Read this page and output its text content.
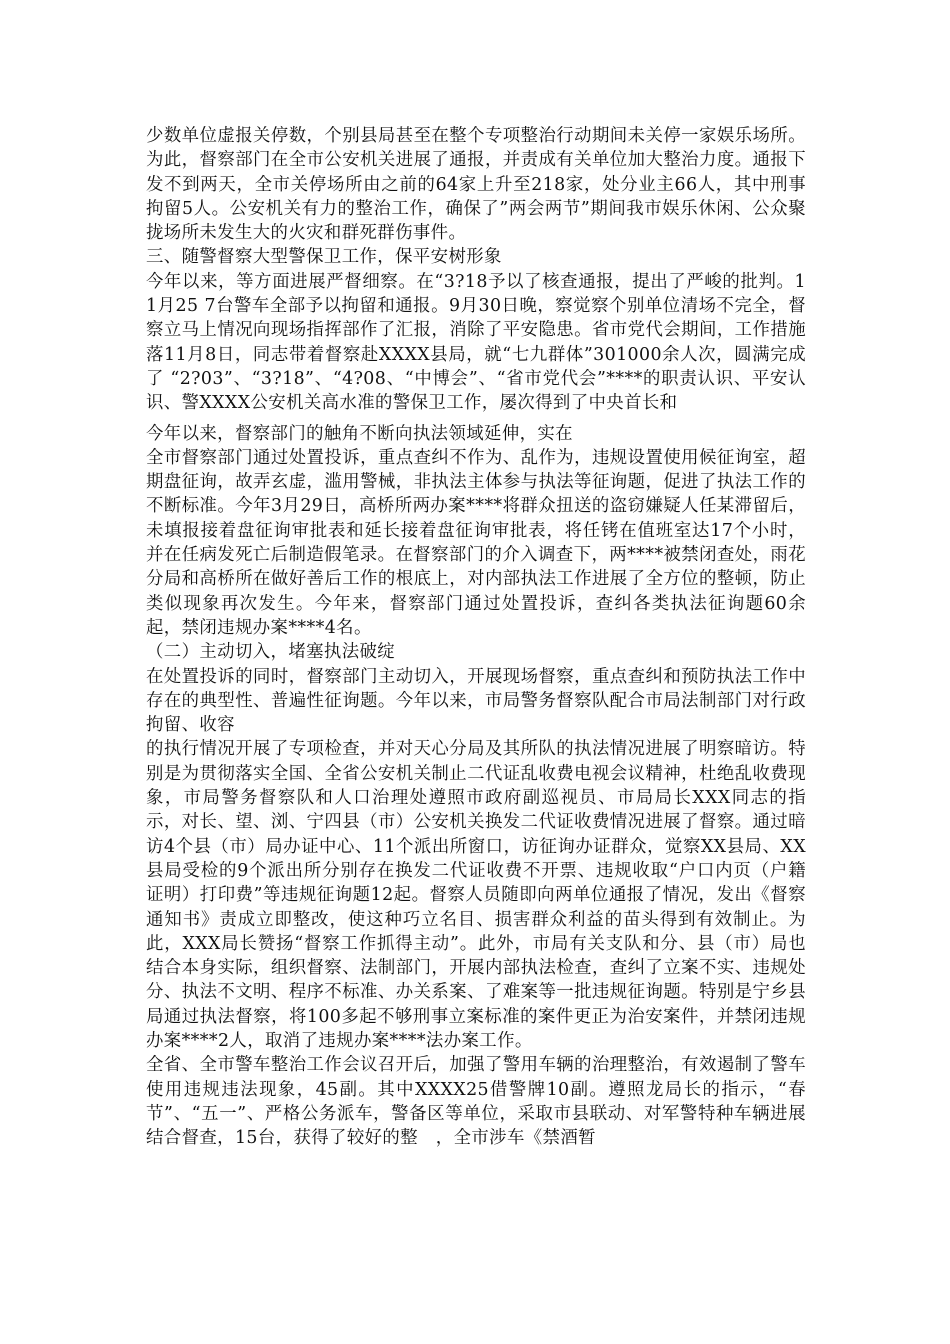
少数单位虚报关停数，个别县局甚至在整个专项整治行动期间未关停一家娱乐场所。为此，督察部门在全市公安机关进展了通报，并责成有关单位加大整治力度。通报下发不到两天，全市关停场所由之前的64家上升至218家，处分业主66人，其中刑事拘留5人。公安机关有力的整治工作，确保了”两会两节”期间我市娱乐休闲、公众聚拢场所未发生大的火灾和群死群伤事件。

三、随警督察大型警保卫工作，保平安树形象

今年以来，等方面进展严督细察。在“3?18予以了核查通报，提出了严峻的批判。11月25 7台警车全部予以拘留和通报。9月30日晚，察觉察个别单位清场不完全，督察立马上情况向现场指挥部作了汇报，消除了平安隐患。省市党代会期间，工作措施落11月8日，同志带着督察赴XXXX县局，就“七九群体”301000余人次，圆满完成了 “2?03”、“3?18”、“4?08、“中博会”、“省市党代会”****的职责认识、平安认识、警XXXX公安机关高水准的警保卫工作，屡次得到了中央首长和

今年以来，督察部门的触角不断向执法领域延伸，实在

全市督察部门通过处置投诉，重点查纠不作为、乱作为，违规设置使用候征询室，超期盘征询，故弄玄虚，滥用警械，非执法主体参与执法等征询题，促进了执法工作的不断标准。今年3月29日，高桥所两办案****将群众扭送的盗窃嫌疑人任某滞留后，未填报接着盘征询审批表和延长接着盘征询审批表，将任铐在值班室达17个小时，并在任病发死亡后制造假笔录。在督察部门的介入调查下，两****被禁闭查处，雨花分局和高桥所在做好善后工作的根底上，对内部执法工作进展了全方位的整顿，防止类似现象再次发生。今年来，督察部门通过处置投诉，查纠各类执法征询题60余起，禁闭违规办案****4名。

（二）主动切入，堵塞执法破绽

在处置投诉的同时，督察部门主动切入，开展现场督察，重点查纠和预防执法工作中存在的典型性、普遍性征询题。今年以来，市局警务督察队配合市局法制部门对行政拘留、收容

的执行情况开展了专项检查，并对天心分局及其所队的执法情况进展了明察暗访。特别是为贯彻落实全国、全省公安机关制止二代证乱收费电视会议精神，杜绝乱收费现象，市局警务督察队和人口治理处遵照市政府副巡视员、市局局长XXX同志的指示，对长、望、浏、宁四县（市）公安机关换发二代证收费情况进展了督察。通过暗访4个县（市）局办证中心、11个派出所窗口，访征询办证群众，觉察XX县局、XX县局受检的9个派出所分别存在换发二代证收费不开票、违规收取“户口内页（户籍证明）打印费”等违规征询题12起。督察人员随即向两单位通报了情况，发出《督察通知书》责成立即整改，使这种巧立名目、损害群众利益的苗头得到有效制止。为此，XXX局长赞扬“督察工作抓得主动”。此外，市局有关支队和分、县（市）局也结合本身实际，组织督察、法制部门，开展内部执法检查，查纠了立案不实、违规处分、执法不文明、程序不标准、办关系案、了难案等一批违规征询题。特别是宁乡县局通过执法督察，将100多起不够刑事立案标准的案件更正为治安案件，并禁闭违规办案****2人，取消了违规办案****法办案工作。

全省、全市警车整治工作会议召开后，加强了警用车辆的治理整治，有效遏制了警车使用违规违法现象，45副。其中XXXX25借警牌10副。遵照龙局长的指示，“春节”、“五一”、严格公务派车，警备区等单位，采取市县联动、对军警特种车辆进展结合督查，15台，获得了较好的整　，全市涉车《禁酒暂
